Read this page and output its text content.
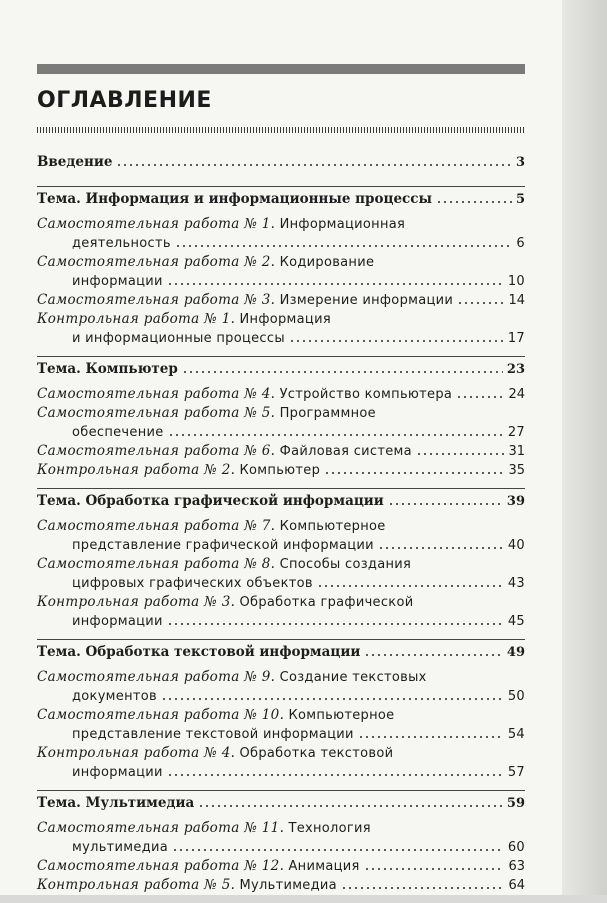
ОГЛАВЛЕНИЕ
Введение	3
Тема. Информация и информационные процессы	5
Самостоятельная работа № 1. Информационная
деятельность	6
Самостоятельная работа № 2. Кодирование
информации	10
Самостоятельная работа № 3.
Измерение информации	14
Контрольная работа № 1. Информация
и информационные процессы	17
Тема. Компьютер	23
Самостоятельная работа № 4.
Устройство компьютера	24
Самостоятельная работа № 5. Программное
обеспечение	27
Самостоятельная работа № 6.
Файловая система	31
Контрольная работа № 2.
Компьютер	35
Тема. Обработка графической информации	39
Самостоятельная работа № 7. Компьютерное
представление графической информации	40
Самостоятельная работа № 8. Способы создания
цифровых графических объектов	43
Контрольная работа № 3. Обработка графической
информации	45
Тема. Обработка текстовой информации	49
Самостоятельная работа № 9. Создание текстовых
документов	50
Самостоятельная работа № 10. Компьютерное
представление текстовой информации	54
Контрольная работа № 4. Обработка текстовой
информации	57
Тема. Мультимедиа	59
Самостоятельная работа № 11. Технология
мультимедиа	60
Самостоятельная работа № 12.
Анимация	63
Контрольная работа № 5.
Мультимедиа	64
